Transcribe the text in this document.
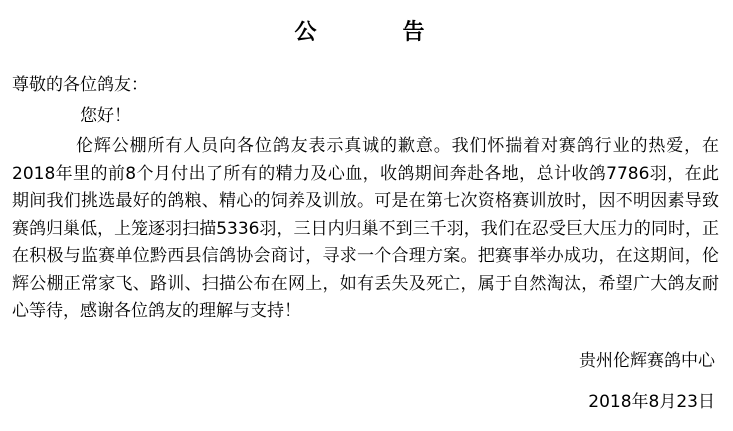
公　　告
尊敬的各位鸽友：
您好！
伦辉公棚所有人员向各位鸽友表示真诚的歉意。我们怀揣着对赛鸽行业的热爱，在2018年里的前8个月付出了所有的精力及心血，收鸽期间奔赴各地，总计收鸽7786羽，在此期间我们挑选最好的鸽粮、精心的饲养及训放。可是在第七次资格赛训放时，因不明因素导致赛鸽归巢低，上笼逐羽扫描5336羽，三日内归巢不到三千羽，我们在忍受巨大压力的同时，正在积极与监赛单位黔西县信鸽协会商讨，寻求一个合理方案。把赛事举办成功，在这期间，伦辉公棚正常家飞、路训、扫描公布在网上，如有丢失及死亡，属于自然淘汰，希望广大鸽友耐心等待，感谢各位鸽友的理解与支持！
贵州伦辉赛鸽中心
2018年8月23日
